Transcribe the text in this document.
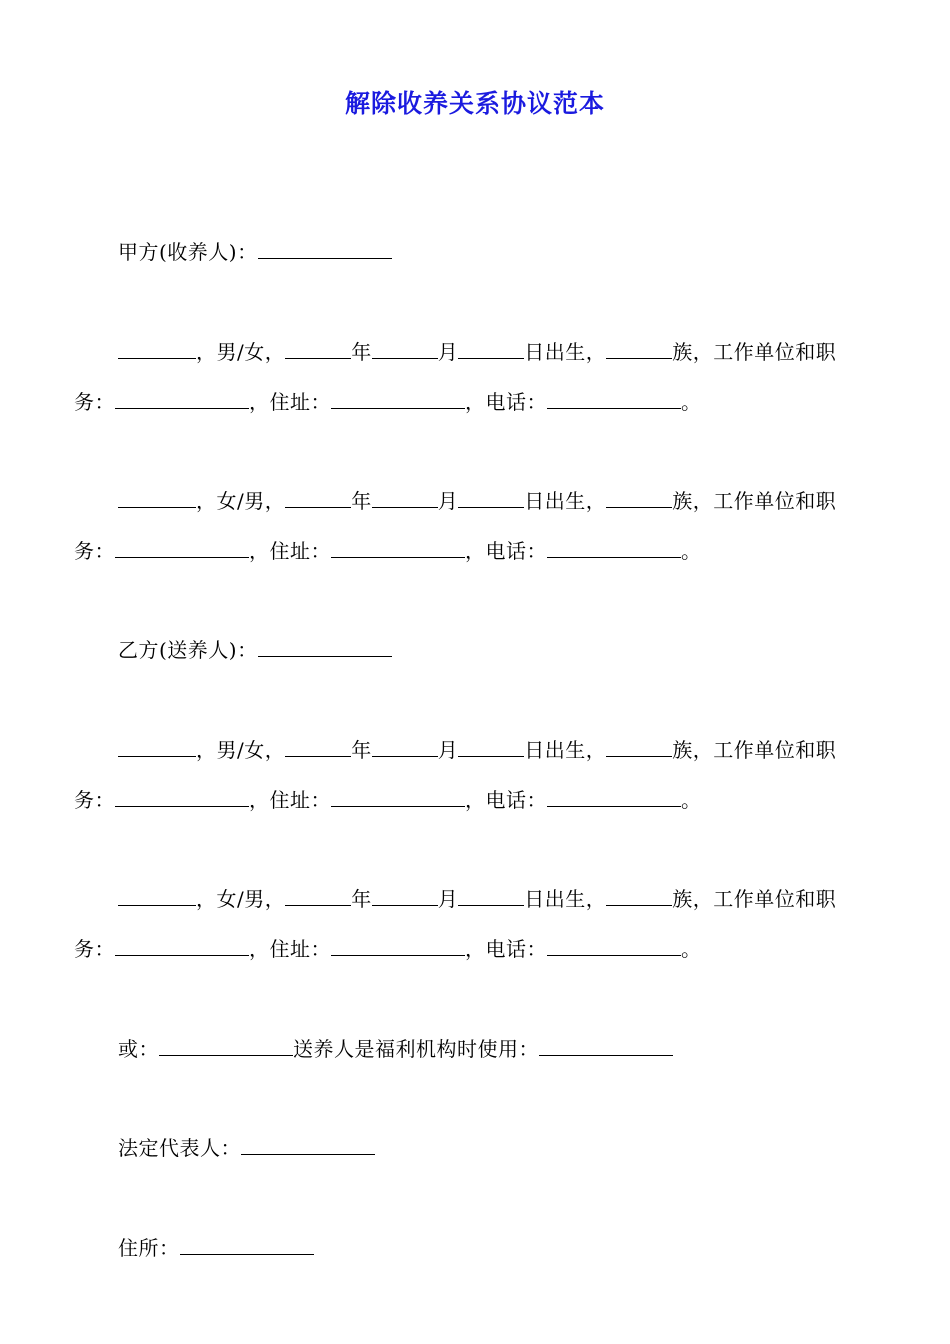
解除收养关系协议范本
甲方(收养人)：
，男/女，	年	月	日出生，	族，工作单位和职
务：	，住址：	，电话：	。
，女/男，	年	月	日出生，	族，工作单位和职
务：	，住址：	，电话：	。
乙方(送养人)：
，男/女，	年	月	日出生，	族，工作单位和职
务：	，住址：	，电话：	。
，女/男，	年	月	日出生，	族，工作单位和职
务：	，住址：	，电话：	。
或：	送养人是福利机构时使用：
法定代表人：
住所：
